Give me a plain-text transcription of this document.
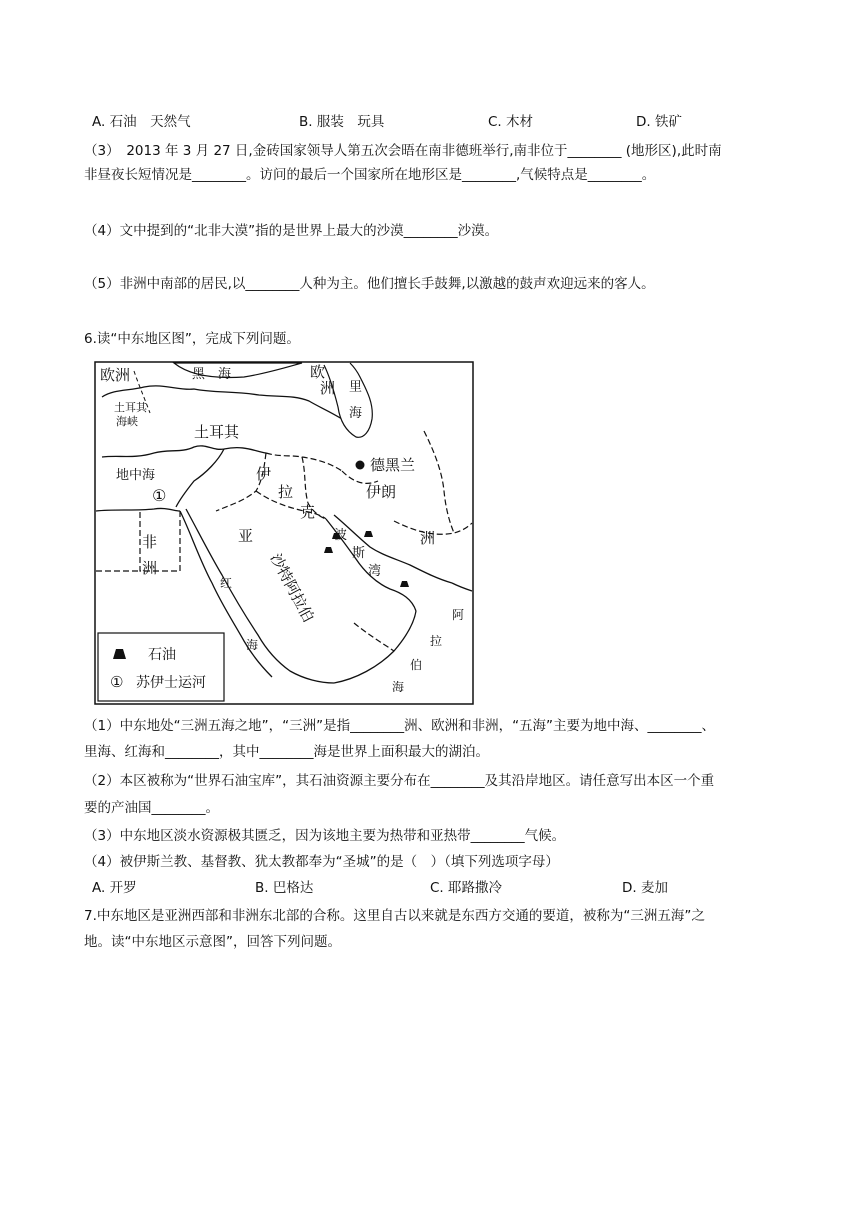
A. 石油　天然气	B. 服装　玩具	C. 木材	D. 铁矿
（3）　2013 年 3 月 27 日,金砖国家领导人第五次会晤在南非德班举行,南非位于________ (地形区),此时南
非昼夜长短情况是________。访问的最后一个国家所在地形区是________,气候特点是________。
（4）文中提到的“北非大漠”指的是世界上最大的沙漠________沙漠。
（5）非洲中南部的居民,以________人种为主。他们擅长手鼓舞,以激越的鼓声欢迎远来的客人。
6.读“中东地区图”，完成下列问题。
欧洲	黑　海	欧
洲 里
海
土耳其
海峡
土耳其
德黑兰
地中海
①	伊朗
伊
拉
克
洲
非
洲
亚	波
斯
湾
沙特阿拉伯
红
海
阿
拉
伯
海
石油
① 苏伊士运河
（1）中东地处“三洲五海之地”，“三洲”是指________洲、欧洲和非洲，“五海”主要为地中海、________、
里海、红海和________，其中________海是世界上面积最大的湖泊。
（2）本区被称为“世界石油宝库”，其石油资源主要分布在________及其沿岸地区。请任意写出本区一个重
要的产油国________。
（3）中东地区淡水资源极其匮乏，因为该地主要为热带和亚热带________气候。
（4）被伊斯兰教、基督教、犹太教都奉为“圣城”的是（　）（填下列选项字母）
A. 开罗	B. 巴格达	C. 耶路撒冷	D. 麦加
7.中东地区是亚洲西部和非洲东北部的合称。这里自古以来就是东西方交通的要道，被称为“三洲五海”之
地。读“中东地区示意图”，回答下列问题。
